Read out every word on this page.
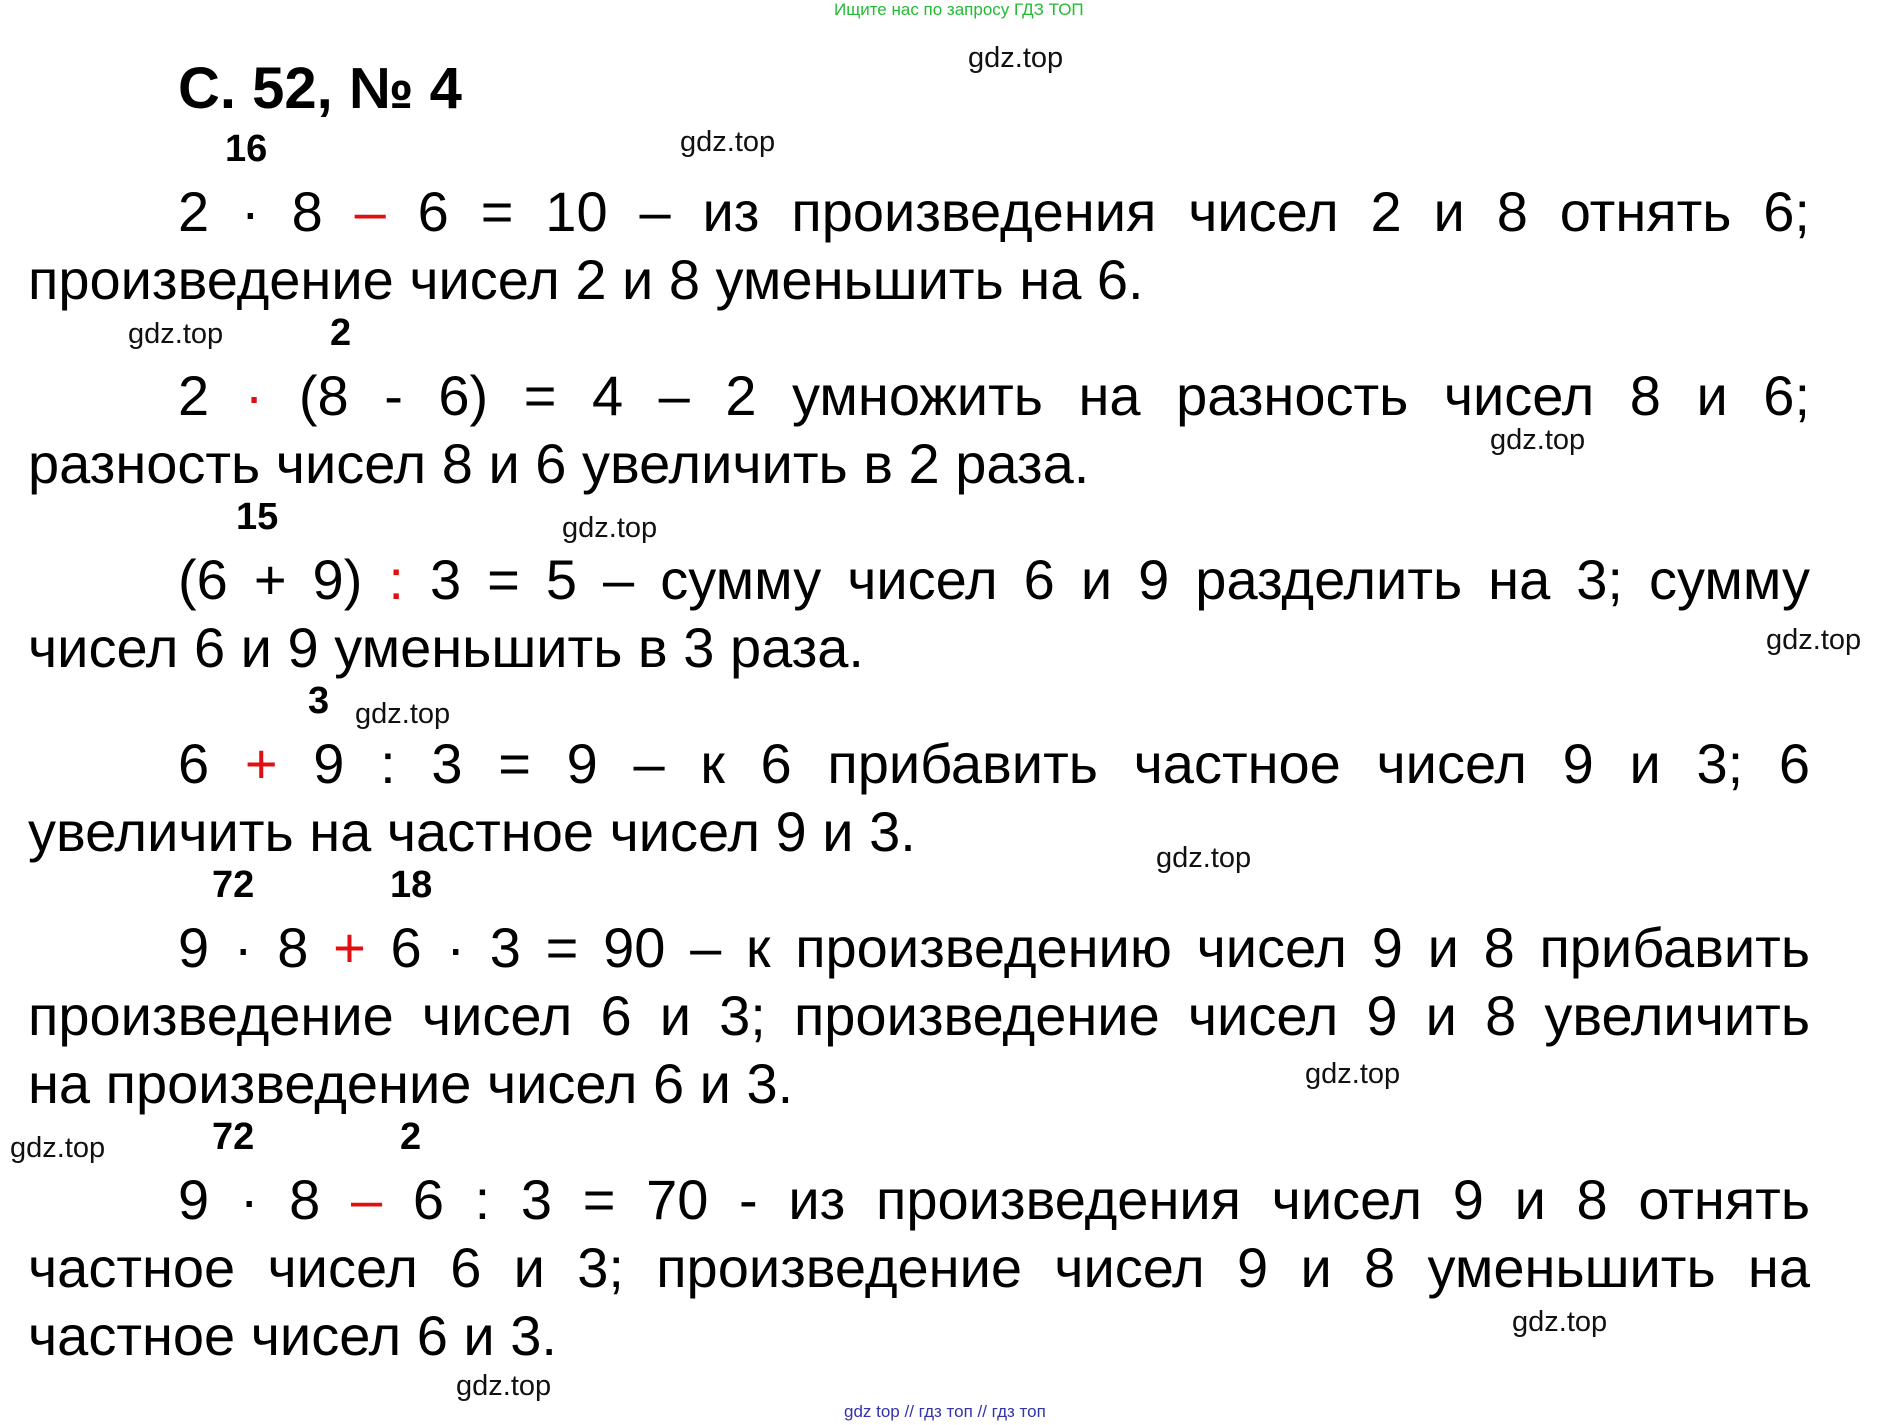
Ищите нас по запросу ГДЗ ТОП
С. 52, № 4	gdz.top
gdz.top
gdz.top
gdz.top
gdz.top
gdz.top
gdz.top
gdz.top
gdz.top
gdz.top
gdz.top
gdz.top
16
2 · 8 – 6 = 10 – из произведения чисел 2 и 8 отнять 6;
произведение чисел 2 и 8 уменьшить на 6.
2
2 · (8 - 6) = 4 – 2 умножить на разность чисел 8 и 6;
разность чисел 8 и 6 увеличить в 2 раза.
15
(6 + 9) : 3 = 5 – сумму чисел 6 и 9 разделить на 3; сумму
чисел 6 и 9 уменьшить в 3 раза.
3
6 + 9 : 3 = 9 – к 6 прибавить частное чисел 9 и 3; 6
увеличить на частное чисел 9 и 3.
72	18
9 · 8 + 6 · 3 = 90 – к произведению чисел 9 и 8 прибавить
произведение чисел 6 и 3; произведение чисел 9 и 8 увеличить
на произведение чисел 6 и 3.
72	2
9 · 8 – 6 : 3 = 70 - из произведения чисел 9 и 8 отнять
частное чисел 6 и 3; произведение чисел 9 и 8 уменьшить на
частное чисел 6 и 3.
gdz top // гдз топ // гдз топ
